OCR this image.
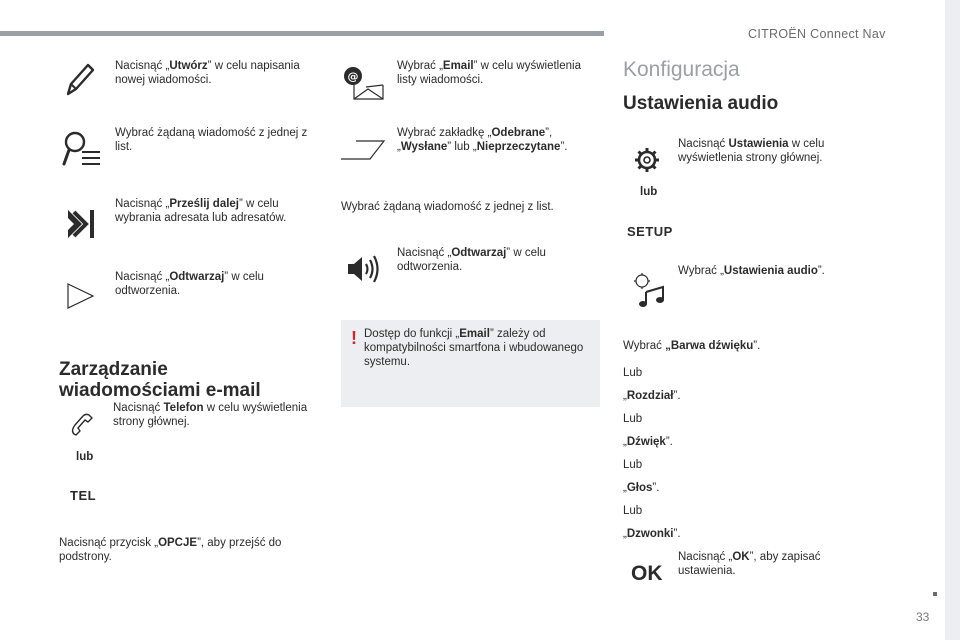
CITROËN Connect Nav
33
Nacisnąć „Utwórz” w celu napisania nowej wiadomości.
Wybrać żądaną wiadomość z jednej z list.
Nacisnąć „Prześlij dalej” w celu wybrania adresata lub adresatów.
Nacisnąć „Odtwarzaj” w celu odtworzenia.
Zarządzanie
wiadomościami e-mail
Nacisnąć Telefon w celu wyświetlenia strony głównej.
lub
TEL
Nacisnąć przycisk „OPCJE”, aby przejść do podstrony.
@
Wybrać „Email” w celu wyświetlenia listy wiadomości.
Wybrać zakładkę „Odebrane”, „Wysłane” lub „Nieprzeczytane”.
Wybrać żądaną wiadomość z jednej z list.
Nacisnąć „Odtwarzaj” w celu odtworzenia.
! Dostęp do funkcji „Email” zależy od kompatybilności smartfona i wbudowanego systemu.
Konfiguracja
Ustawienia audio
Nacisnąć Ustawienia w celu wyświetlenia strony głównej.
lub
SETUP
Wybrać „Ustawienia audio”.
Wybrać „Barwa dźwięku”.
Lub
„Rozdział”.
Lub
„Dźwięk”.
Lub
„Głos”.
Lub
„Dzwonki”.
OK
Nacisnąć „OK”, aby zapisać ustawienia.
